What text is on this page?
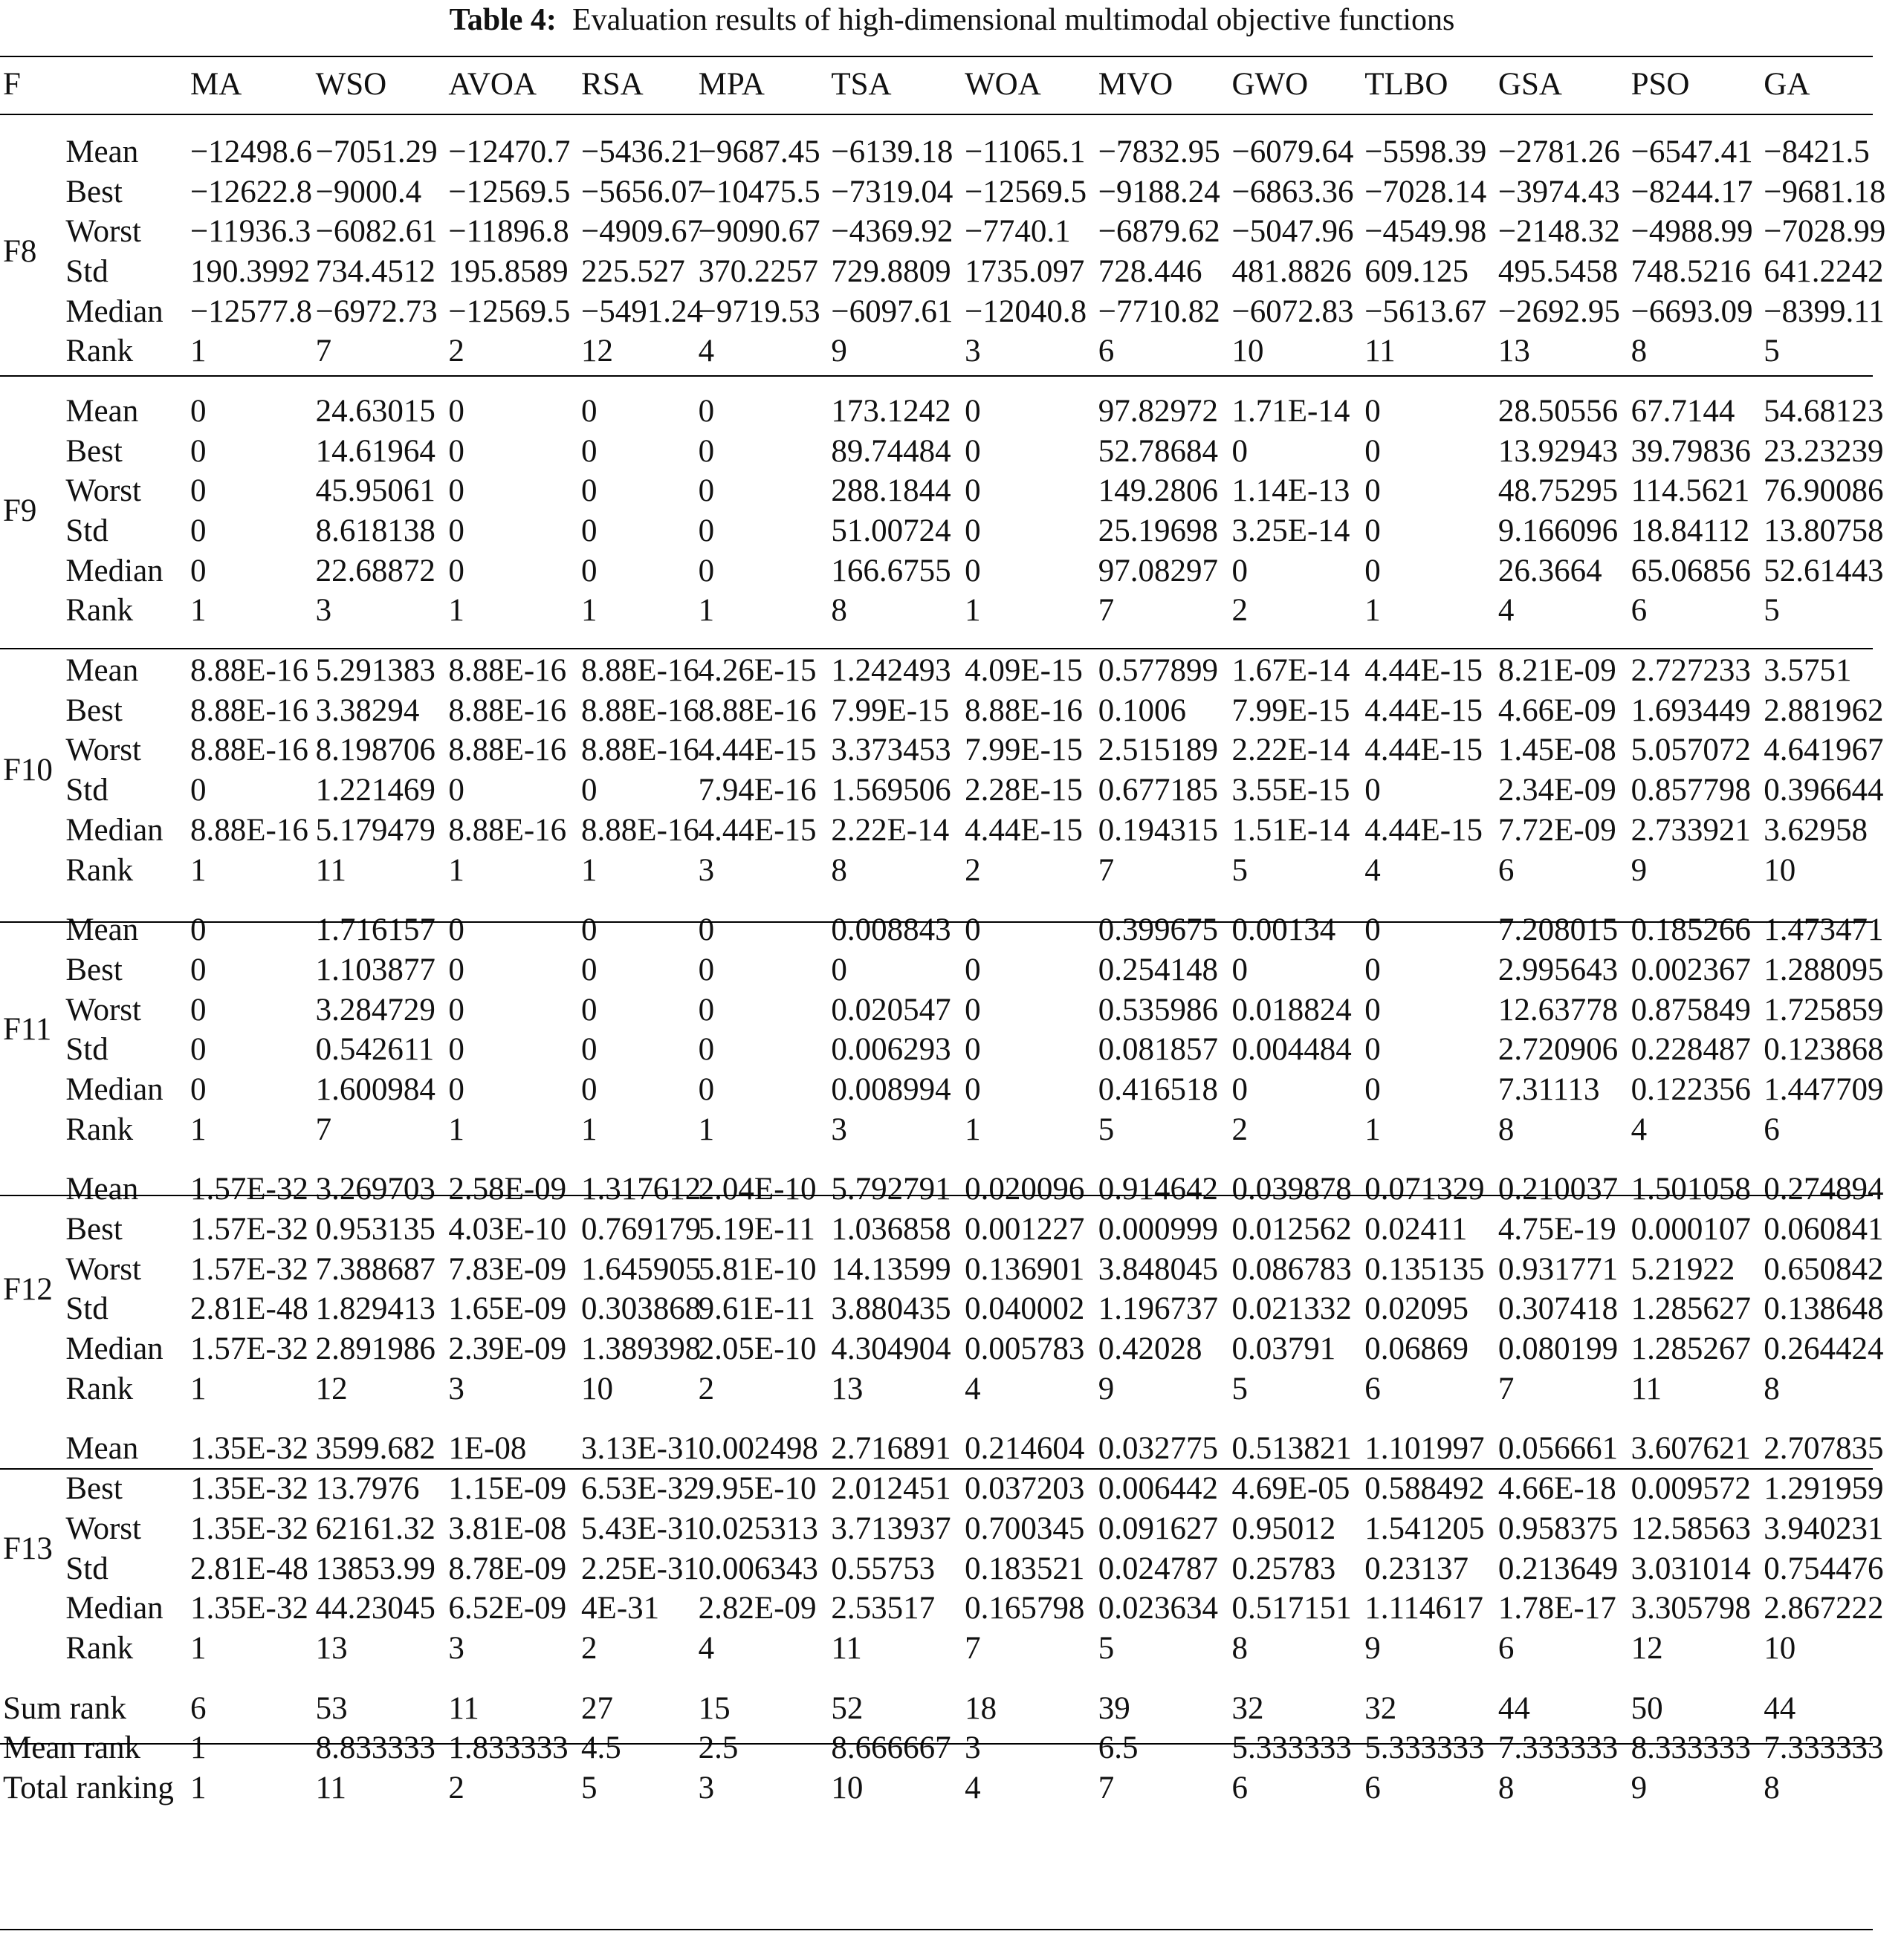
Table 4: Evaluation results of high-dimensional multimodal objective functions
F		MA	WSO	AVOA	RSA	MPA	TSA	WOA	MVO	GWO	TLBO	GSA	PSO	GA
F8	Mean	−12498.6	−7051.29	−12470.7	−5436.21	−9687.45	−6139.18	−11065.1	−7832.95	−6079.64	−5598.39	−2781.26	−6547.41	−8421.5
	Best	−12622.8	−9000.4	−12569.5	−5656.07	−10475.5	−7319.04	−12569.5	−9188.24	−6863.36	−7028.14	−3974.43	−8244.17	−9681.18
	Worst	−11936.3	−6082.61	−11896.8	−4909.67	−9090.67	−4369.92	−7740.1	−6879.62	−5047.96	−4549.98	−2148.32	−4988.99	−7028.99
	Std	190.3992	734.4512	195.8589	225.527	370.2257	729.8809	1735.097	728.446	481.8826	609.125	495.5458	748.5216	641.2242
	Median	−12577.8	−6972.73	−12569.5	−5491.24	−9719.53	−6097.61	−12040.8	−7710.82	−6072.83	−5613.67	−2692.95	−6693.09	−8399.11
	Rank	1	7	2	12	4	9	3	6	10	11	13	8	5
F9	Mean	0	24.63015	0	0	0	173.1242	0	97.82972	1.71E-14	0	28.50556	67.7144	54.68123
	Best	0	14.61964	0	0	0	89.74484	0	52.78684	0	0	13.92943	39.79836	23.23239
	Worst	0	45.95061	0	0	0	288.1844	0	149.2806	1.14E-13	0	48.75295	114.5621	76.90086
	Std	0	8.618138	0	0	0	51.00724	0	25.19698	3.25E-14	0	9.166096	18.84112	13.80758
	Median	0	22.68872	0	0	0	166.6755	0	97.08297	0	0	26.3664	65.06856	52.61443
	Rank	1	3	1	1	1	8	1	7	2	1	4	6	5
F10	Mean	8.88E-16	5.291383	8.88E-16	8.88E-16	4.26E-15	1.242493	4.09E-15	0.577899	1.67E-14	4.44E-15	8.21E-09	2.727233	3.5751
	Best	8.88E-16	3.38294	8.88E-16	8.88E-16	8.88E-16	7.99E-15	8.88E-16	0.1006	7.99E-15	4.44E-15	4.66E-09	1.693449	2.881962
	Worst	8.88E-16	8.198706	8.88E-16	8.88E-16	4.44E-15	3.373453	7.99E-15	2.515189	2.22E-14	4.44E-15	1.45E-08	5.057072	4.641967
	Std	0	1.221469	0	0	7.94E-16	1.569506	2.28E-15	0.677185	3.55E-15	0	2.34E-09	0.857798	0.396644
	Median	8.88E-16	5.179479	8.88E-16	8.88E-16	4.44E-15	2.22E-14	4.44E-15	0.194315	1.51E-14	4.44E-15	7.72E-09	2.733921	3.62958
	Rank	1	11	1	1	3	8	2	7	5	4	6	9	10
F11	Mean	0	1.716157	0	0	0	0.008843	0	0.399675	0.00134	0	7.208015	0.185266	1.473471
	Best	0	1.103877	0	0	0	0	0	0.254148	0	0	2.995643	0.002367	1.288095
	Worst	0	3.284729	0	0	0	0.020547	0	0.535986	0.018824	0	12.63778	0.875849	1.725859
	Std	0	0.542611	0	0	0	0.006293	0	0.081857	0.004484	0	2.720906	0.228487	0.123868
	Median	0	1.600984	0	0	0	0.008994	0	0.416518	0	0	7.31113	0.122356	1.447709
	Rank	1	7	1	1	1	3	1	5	2	1	8	4	6
F12	Mean	1.57E-32	3.269703	2.58E-09	1.317612	2.04E-10	5.792791	0.020096	0.914642	0.039878	0.071329	0.210037	1.501058	0.274894
	Best	1.57E-32	0.953135	4.03E-10	0.769179	5.19E-11	1.036858	0.001227	0.000999	0.012562	0.02411	4.75E-19	0.000107	0.060841
	Worst	1.57E-32	7.388687	7.83E-09	1.645905	5.81E-10	14.13599	0.136901	3.848045	0.086783	0.135135	0.931771	5.21922	0.650842
	Std	2.81E-48	1.829413	1.65E-09	0.303868	9.61E-11	3.880435	0.040002	1.196737	0.021332	0.02095	0.307418	1.285627	0.138648
	Median	1.57E-32	2.891986	2.39E-09	1.389398	2.05E-10	4.304904	0.005783	0.42028	0.03791	0.06869	0.080199	1.285267	0.264424
	Rank	1	12	3	10	2	13	4	9	5	6	7	11	8
F13	Mean	1.35E-32	3599.682	1E-08	3.13E-31	0.002498	2.716891	0.214604	0.032775	0.513821	1.101997	0.056661	3.607621	2.707835
	Best	1.35E-32	13.7976	1.15E-09	6.53E-32	9.95E-10	2.012451	0.037203	0.006442	4.69E-05	0.588492	4.66E-18	0.009572	1.291959
	Worst	1.35E-32	62161.32	3.81E-08	5.43E-31	0.025313	3.713937	0.700345	0.091627	0.95012	1.541205	0.958375	12.58563	3.940231
	Std	2.81E-48	13853.99	8.78E-09	2.25E-31	0.006343	0.55753	0.183521	0.024787	0.25783	0.23137	0.213649	3.031014	0.754476
	Median	1.35E-32	44.23045	6.52E-09	4E-31	2.82E-09	2.53517	0.165798	0.023634	0.517151	1.114617	1.78E-17	3.305798	2.867222
	Rank	1	13	3	2	4	11	7	5	8	9	6	12	10
Sum rank		6	53	11	27	15	52	18	39	32	32	44	50	44
Mean rank		1	8.833333	1.833333	4.5	2.5	8.666667	3	6.5	5.333333	5.333333	7.333333	8.333333	7.333333
Total ranking		1	11	2	5	3	10	4	7	6	6	8	9	8
